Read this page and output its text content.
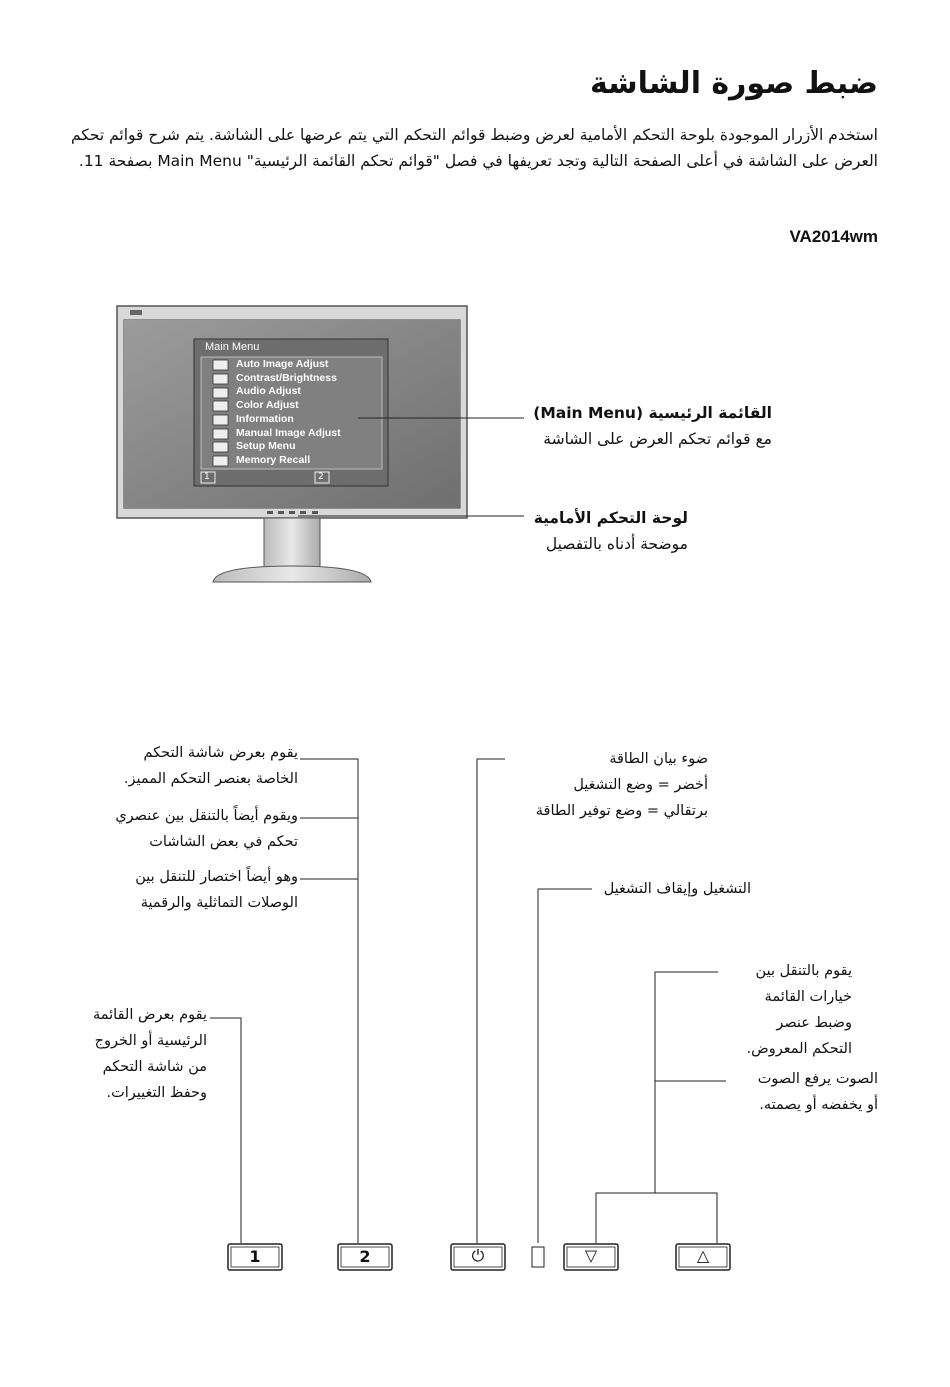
ضبط صورة الشاشة
استخدم الأزرار الموجودة بلوحة التحكم الأمامية لعرض وضبط قوائم التحكم التي يتم عرضها على الشاشة. يتم شرح قوائم تحكم العرض على الشاشة في أعلى الصفحة التالية وتجد تعريفها في فصل "قوائم تحكم القائمة الرئيسية" Main Menu بصفحة 11.
VA2014wm
Main Menu
Auto Image Adjust
Contrast/Brightness
Audio Adjust
Color Adjust
Information
Manual Image Adjust
Setup Menu
Memory Recall
1	2
القائمة الرئيسية (Main Menu)
مع قوائم تحكم العرض على الشاشة
لوحة التحكم الأمامية
موضحة أدناه بالتفصيل
1	2	⏻	▽	△
يقوم بعرض شاشة التحكم
الخاصة بعنصر التحكم المميز.
ويقوم أيضاً بالتنقل بين عنصري
تحكم في بعض الشاشات
وهو أيضاً اختصار للتنقل بين
الوصلات التماثلية والرقمية
يقوم بعرض القائمة
الرئيسية أو الخروج
من شاشة التحكم
وحفظ التغييرات.
ضوء بيان الطاقة
أخضر = وضع التشغيل
برتقالي = وضع توفير الطاقة
التشغيل وإيقاف التشغيل
يقوم بالتنقل بين
خيارات القائمة
وضبط عنصر
التحكم المعروض.
الصوت يرفع الصوت
أو يخفضه أو يصمته.
